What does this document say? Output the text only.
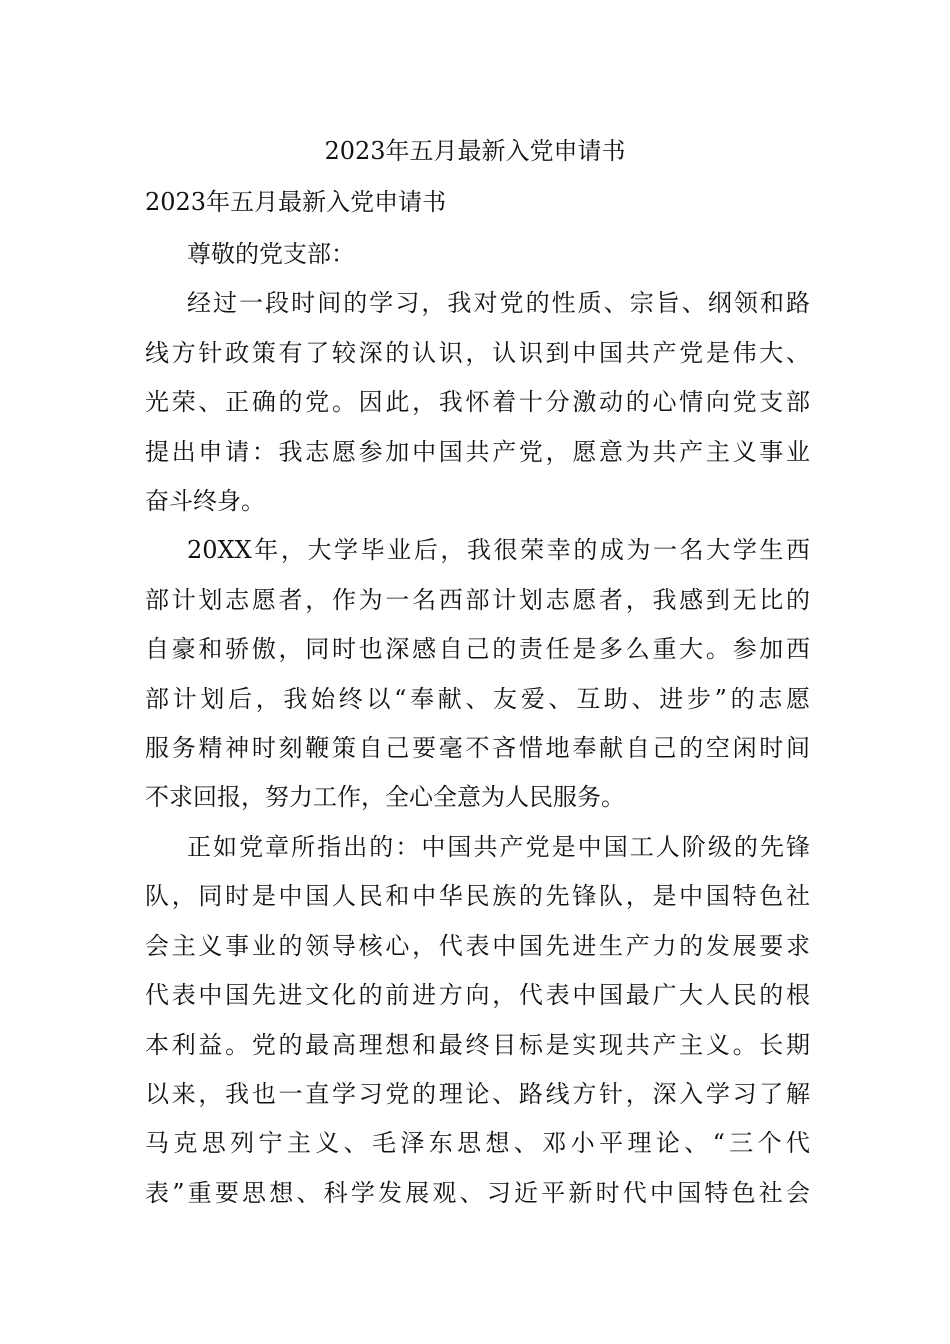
2023年五月最新入党申请书
2023年五月最新入党申请书

尊敬的党支部：

经过一段时间的学习，我对党的性质、宗旨、纲领和路
线方针政策有了较深的认识，认识到中国共产党是伟大、
光荣、正确的党。因此，我怀着十分激动的心情向党支部
提出申请：我志愿参加中国共产党，愿意为共产主义事业
奋斗终身。

20XX年，大学毕业后，我很荣幸的成为一名大学生西
部计划志愿者，作为一名西部计划志愿者，我感到无比的
自豪和骄傲，同时也深感自己的责任是多么重大。参加西
部计划后，我始终以“奉献、友爱、互助、进步”的志愿
服务精神时刻鞭策自己要毫不吝惜地奉献自己的空闲时间
不求回报，努力工作，全心全意为人民服务。

正如党章所指出的：中国共产党是中国工人阶级的先锋
队，同时是中国人民和中华民族的先锋队，是中国特色社
会主义事业的领导核心，代表中国先进生产力的发展要求
代表中国先进文化的前进方向，代表中国最广大人民的根
本利益。党的最高理想和最终目标是实现共产主义。长期
以来，我也一直学习党的理论、路线方针，深入学习了解
马克思列宁主义、毛泽东思想、邓小平理论、“三个代
表”重要思想、科学发展观、习近平新时代中国特色社会
